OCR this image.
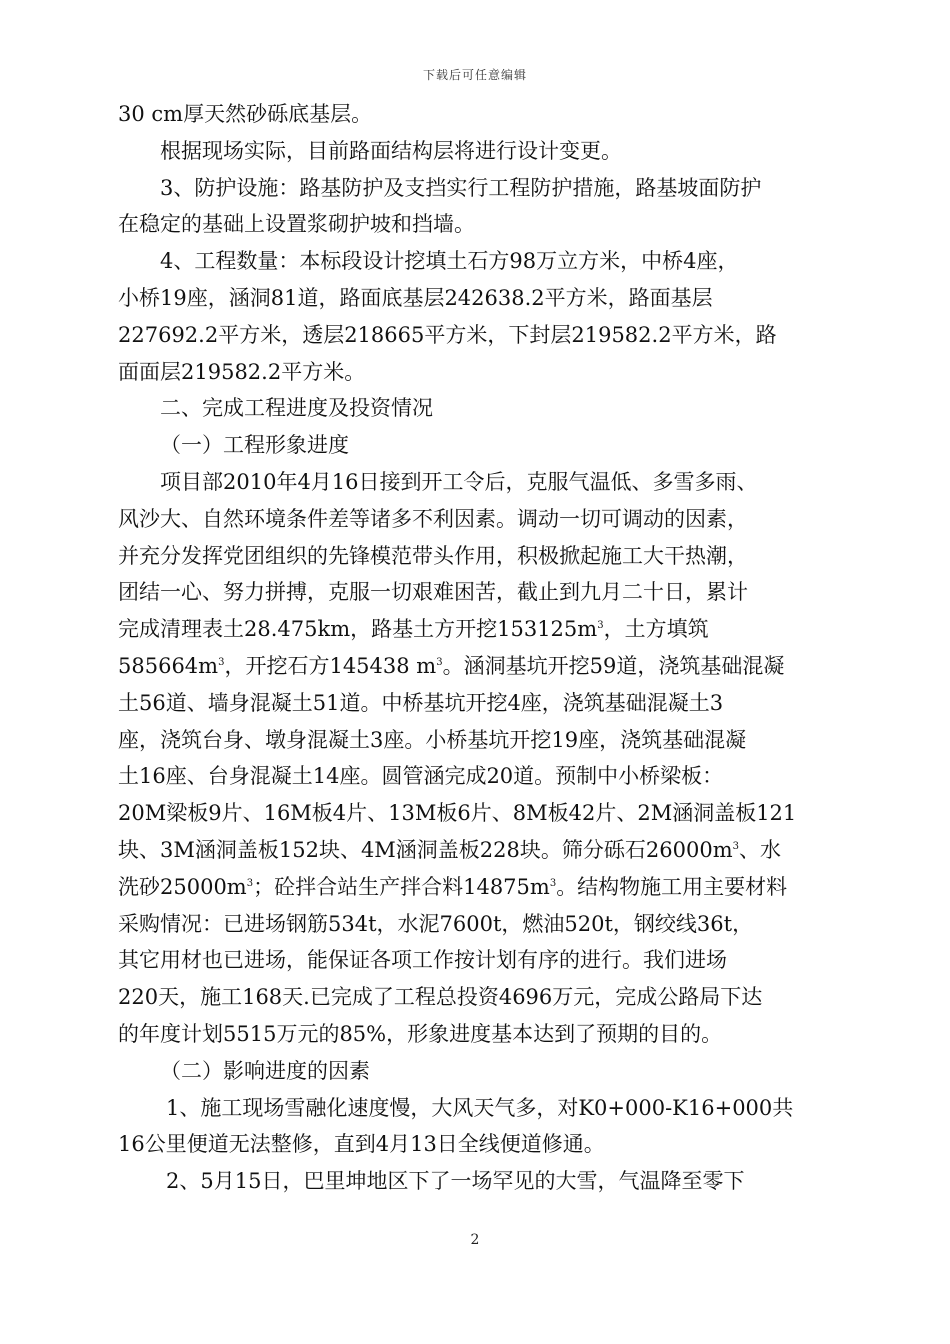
下载后可任意编辑
30 cm厚天然砂砾底基层。
根据现场实际，目前路面结构层将进行设计变更。
3、防护设施：路基防护及支挡实行工程防护措施，路基坡面防护
在稳定的基础上设置浆砌护坡和挡墙。
4、工程数量：本标段设计挖填土石方98万立方米，中桥4座，
小桥19座，涵洞81道，路面底基层242638.2平方米，路面基层
227692.2平方米，透层218665平方米，下封层219582.2平方米，路
面面层219582.2平方米。
二、完成工程进度及投资情况
（一）工程形象进度
项目部2010年4月16日接到开工令后，克服气温低、多雪多雨、
风沙大、自然环境条件差等诸多不利因素。调动一切可调动的因素，
并充分发挥党团组织的先锋模范带头作用，积极掀起施工大干热潮，
团结一心、努力拼搏，克服一切艰难困苦，截止到九月二十日，累计
完成清理表土28.475km，路基土方开挖$153125m^3$，土方填筑
$585664m^3$，开挖石方145438 $m^3$。涵洞基坑开挖59道，浇筑基础混凝
土56道、墙身混凝土51道。中桥基坑开挖4座，浇筑基础混凝土3
座，浇筑台身、墩身混凝土3座。小桥基坑开挖19座，浇筑基础混凝
土16座、台身混凝土14座。圆管涵完成20道。预制中小桥梁板：
20M梁板9片、16M板4片、13M板6片、8M板42片、2M涵洞盖板121
块、3M涵洞盖板152块、4M涵洞盖板228块。筛分砾石$26000m^3$、水
洗砂$25000m^3$；砼拌合站生产拌合料$14875m^3$。结构物施工用主要材料
采购情况：已进场钢筋534t，水泥7600t，燃油520t，钢绞线36t，
其它用材也已进场，能保证各项工作按计划有序的进行。我们进场
220天，施工168天.已完成了工程总投资4696万元，完成公路局下达
的年度计划5515万元的85%，形象进度基本达到了预期的目的。
（二）影响进度的因素
1、施工现场雪融化速度慢，大风天气多，对K0+000-K16+000共
16公里便道无法整修，直到4月13日全线便道修通。
2、5月15日，巴里坤地区下了一场罕见的大雪，气温降至零下
2
